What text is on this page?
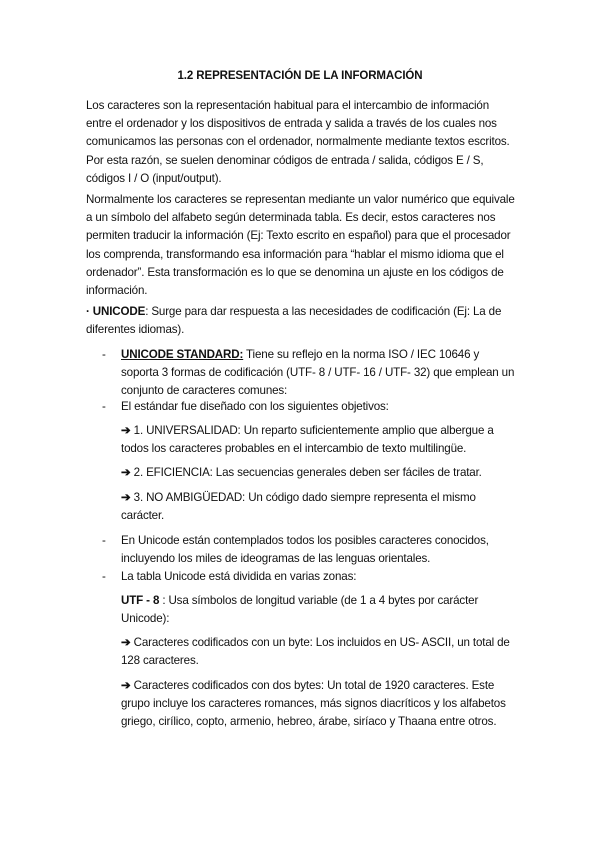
1.2 REPRESENTACIÓN DE LA INFORMACIÓN

Los caracteres son la representación habitual para el intercambio de información entre el ordenador y los dispositivos de entrada y salida a través de los cuales nos comunicamos las personas con el ordenador, normalmente mediante textos escritos. Por esta razón, se suelen denominar códigos de entrada / salida, códigos E / S, códigos I / O (input/output).

Normalmente los caracteres se representan mediante un valor numérico que equivale a un símbolo del alfabeto según determinada tabla. Es decir, estos caracteres nos permiten traducir la información (Ej: Texto escrito en español) para que el procesador los comprenda, transformando esa información para “hablar el mismo idioma que el ordenador”. Esta transformación es lo que se denomina un ajuste en los códigos de información.

· UNICODE: Surge para dar respuesta a las necesidades de codificación (Ej: La de diferentes idiomas).

- UNICODE STANDARD: Tiene su reflejo en la norma ISO / IEC 10646 y soporta 3 formas de codificación (UTF- 8 / UTF- 16 / UTF- 32) que emplean un conjunto de caracteres comunes:

- El estándar fue diseñado con los siguientes objetivos:

➔ 1. UNIVERSALIDAD: Un reparto suficientemente amplio que albergue a todos los caracteres probables en el intercambio de texto multilingüe.

➔ 2. EFICIENCIA: Las secuencias generales deben ser fáciles de tratar.

➔ 3. NO AMBIGÜEDAD: Un código dado siempre representa el mismo carácter.

- En Unicode están contemplados todos los posibles caracteres conocidos, incluyendo los miles de ideogramas de las lenguas orientales.

- La tabla Unicode está dividida en varias zonas:

UTF - 8 : Usa símbolos de longitud variable (de 1 a 4 bytes por carácter Unicode):

➔ Caracteres codificados con un byte: Los incluidos en US- ASCII, un total de 128 caracteres.

➔ Caracteres codificados con dos bytes: Un total de 1920 caracteres. Este grupo incluye los caracteres romances, más signos diacríticos y los alfabetos griego, cirílico, copto, armenio, hebreo, árabe, siríaco y Thaana entre otros.
